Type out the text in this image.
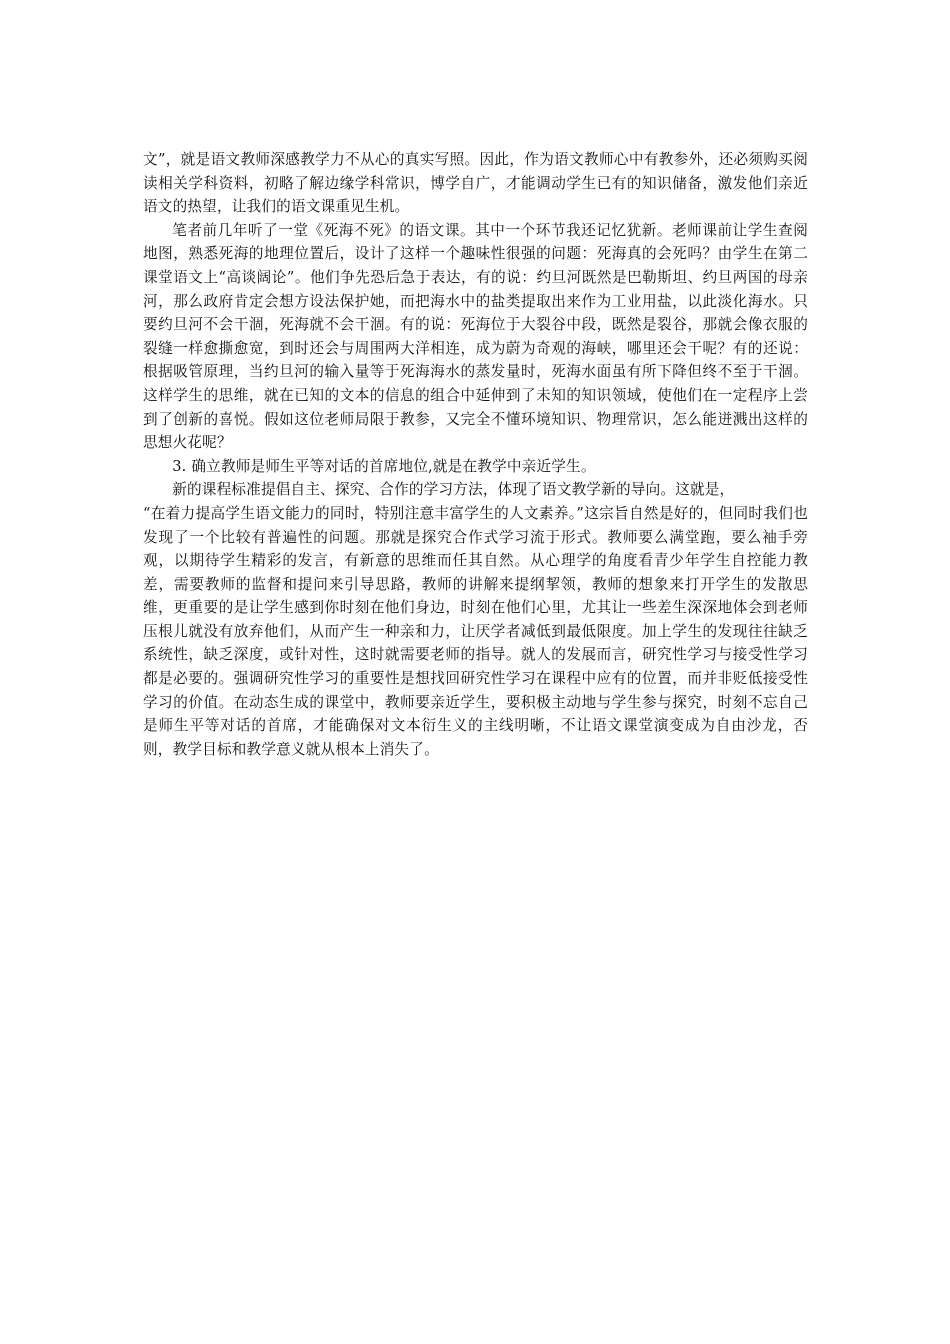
文”，就是语文教师深感教学力不从心的真实写照。因此，作为语文教师心中有教参外，还必须购买阅读相关学科资料，初略了解边缘学科常识，博学自广，才能调动学生已有的知识储备，激发他们亲近语文的热望，让我们的语文课重见生机。

笔者前几年听了一堂《死海不死》的语文课。其中一个环节我还记忆犹新。老师课前让学生查阅地图，熟悉死海的地理位置后，设计了这样一个趣味性很强的问题：死海真的会死吗？由学生在第二课堂语文上“高谈阔论”。他们争先恐后急于表达，有的说：约旦河既然是巴勒斯坦、约旦两国的母亲河，那么政府肯定会想方设法保护她，而把海水中的盐类提取出来作为工业用盐，以此淡化海水。只要约旦河不会干涸，死海就不会干涸。有的说：死海位于大裂谷中段，既然是裂谷，那就会像衣服的裂缝一样愈撕愈宽，到时还会与周围两大洋相连，成为蔚为奇观的海峡，哪里还会干呢？有的还说：根据吸管原理，当约旦河的输入量等于死海海水的蒸发量时，死海水面虽有所下降但终不至于干涸。这样学生的思维，就在已知的文本的信息的组合中延伸到了未知的知识领域，使他们在一定程序上尝到了创新的喜悦。假如这位老师局限于教参，又完全不懂环境知识、物理常识，怎么能迸溅出这样的思想火花呢？

3. 确立教师是师生平等对话的首席地位,就是在教学中亲近学生。

新的课程标准提倡自主、探究、合作的学习方法，体现了语文教学新的导向。这就是，

“在着力提高学生语文能力的同时，特别注意丰富学生的人文素养。”这宗旨自然是好的，但同时我们也发现了一个比较有普遍性的问题。那就是探究合作式学习流于形式。教师要么满堂跑，要么袖手旁观，以期待学生精彩的发言，有新意的思维而任其自然。从心理学的角度看青少年学生自控能力教差，需要教师的监督和提问来引导思路，教师的讲解来提纲挈领，教师的想象来打开学生的发散思维，更重要的是让学生感到你时刻在他们身边，时刻在他们心里，尤其让一些差生深深地体会到老师压根儿就没有放弃他们，从而产生一种亲和力，让厌学者减低到最低限度。加上学生的发现往往缺乏系统性，缺乏深度，或针对性，这时就需要老师的指导。就人的发展而言，研究性学习与接受性学习都是必要的。强调研究性学习的重要性是想找回研究性学习在课程中应有的位置，而并非贬低接受性学习的价值。在动态生成的课堂中，教师要亲近学生，要积极主动地与学生参与探究，时刻不忘自己是师生平等对话的首席，才能确保对文本衍生义的主线明晰，不让语文课堂演变成为自由沙龙，否则，教学目标和教学意义就从根本上消失了。
